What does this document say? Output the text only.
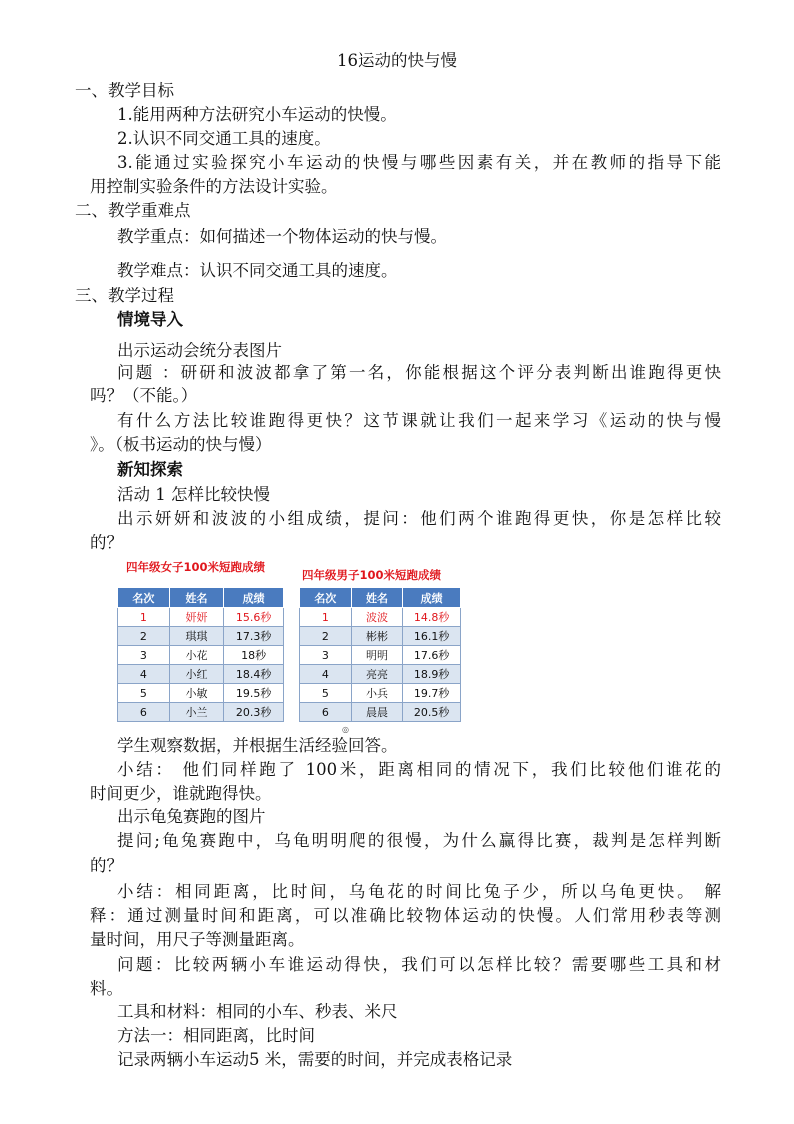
16运动的快与慢
一、教学目标
1.能用两种方法研究小车运动的快慢。
2.认识不同交通工具的速度。
3.能通过实验探究小车运动的快慢与哪些因素有关，并在教师的指导下能
用控制实验条件的方法设计实验。
二、教学重难点
教学重点：如何描述一个物体运动的快与慢。
教学难点：认识不同交通工具的速度。
三、教学过程
情境导入
出示运动会统分表图片
问题 ：研研和波波都拿了第一名，你能根据这个评分表判断出谁跑得更快
吗？（不能。）
有什么方法比较谁跑得更快？这节课就让我们一起来学习《运动的快与慢
》。（板书运动的快与慢）
新知探索
活动 1 怎样比较快慢
出示妍妍和波波的小组成绩，提问：他们两个谁跑得更快，你是怎样比较
的？
四年级女子100米短跑成绩
四年级男子100米短跑成绩
名次	姓名	成绩
1	妍妍	15.6秒
2	琪琪	17.3秒
3	小花	18秒
4	小红	18.4秒
5	小敏	19.5秒
6	小兰	20.3秒
名次	姓名	成绩
1	波波	14.8秒
2	彬彬	16.1秒
3	明明	17.6秒
4	亮亮	18.9秒
5	小兵	19.7秒
6	晨晨	20.5秒
◎
学生观察数据，并根据生活经验回答。
小结： 他们同样跑了 100米，距离相同的情况下，我们比较他们谁花的
时间更少，谁就跑得快。
出示龟兔赛跑的图片
提问;龟兔赛跑中，乌龟明明爬的很慢，为什么赢得比赛，裁判是怎样判断
的？
小结：相同距离，比时间，乌龟花的时间比兔子少，所以乌龟更快。 解
释：通过测量时间和距离，可以准确比较物体运动的快慢。人们常用秒表等测
量时间，用尺子等测量距离。
问题：比较两辆小车谁运动得快，我们可以怎样比较？需要哪些工具和材
料。
工具和材料：相同的小车、秒表、米尺
方法一：相同距离，比时间
记录两辆小车运动5 米，需要的时间，并完成表格记录
